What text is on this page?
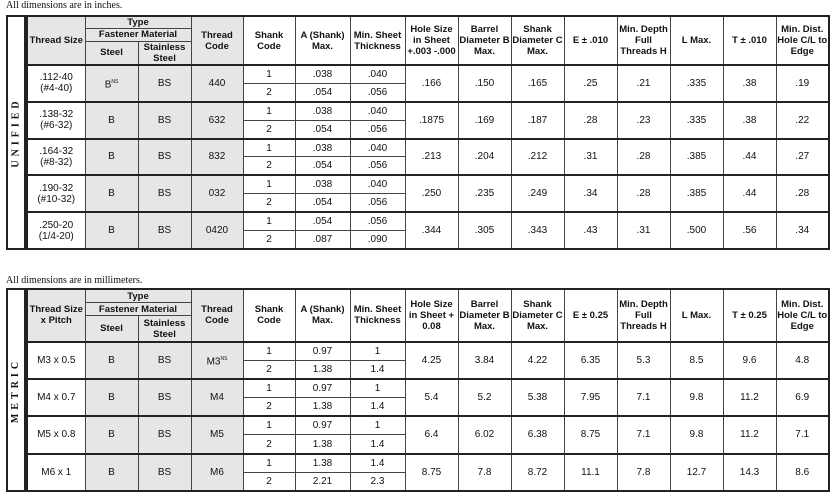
All dimensions are in inches.
UNIFIED
Thread Size	Type		Thread Code	Shank Code	A (Shank) Max.	Min. Sheet Thickness	Hole Size in Sheet +.003 -.000	Barrel Diameter B Max.	Shank Diameter C Max.	E ± .010	Min. Depth Full Threads H	L Max.	T ± .010	Min. Dist. Hole C/L to Edge
	Fastener Material													
	Steel	Stainless Steel												

.112-40
(#4-40)	$B^{NS}$	BS	440	1	.038	.040	.166	.150	.165	.25	.21	.335	.38	.19
				2	.054	.056								

.138-32
(#6-32)	B	BS	632	1	.038	.040	.1875	.169	.187	.28	.23	.335	.38	.22
				2	.054	.056								

.164-32
(#8-32)	B	BS	832	1	.038	.040	.213	.204	.212	.31	.28	.385	.44	.27
				2	.054	.056								

.190-32
(#10-32)	B	BS	032	1	.038	.040	.250	.235	.249	.34	.28	.385	.44	.28
				2	.054	.056								

.250-20
(1/4-20)	B	BS	0420	1	.054	.056	.344	.305	.343	.43	.31	.500	.56	.34
				2	.087	.090								
All dimensions are in millimeters.
METRIC
Thread Size x Pitch	Type		Thread Code	Shank Code	A (Shank) Max.	Min. Sheet Thickness	Hole Size in Sheet + 0.08	Barrel Diameter B Max.	Shank Diameter C Max.	E ± 0.25	Min. Depth Full Threads H	L Max.	T ± 0.25	Min. Dist. Hole C/L to Edge
	Fastener Material													
	Steel	Stainless Steel												

M3 x 0.5	B	BS	$M3^{NS}$	1	0.97	1	4.25	3.84	4.22	6.35	5.3	8.5	9.6	4.8
				2	1.38	1.4								

M4 x 0.7	B	BS	M4	1	0.97	1	5.4	5.2	5.38	7.95	7.1	9.8	11.2	6.9
				2	1.38	1.4								

M5 x 0.8	B	BS	M5	1	0.97	1	6.4	6.02	6.38	8.75	7.1	9.8	11.2	7.1
				2	1.38	1.4								

M6 x 1	B	BS	M6	1	1.38	1.4	8.75	7.8	8.72	11.1	7.8	12.7	14.3	8.6
				2	2.21	2.3								
